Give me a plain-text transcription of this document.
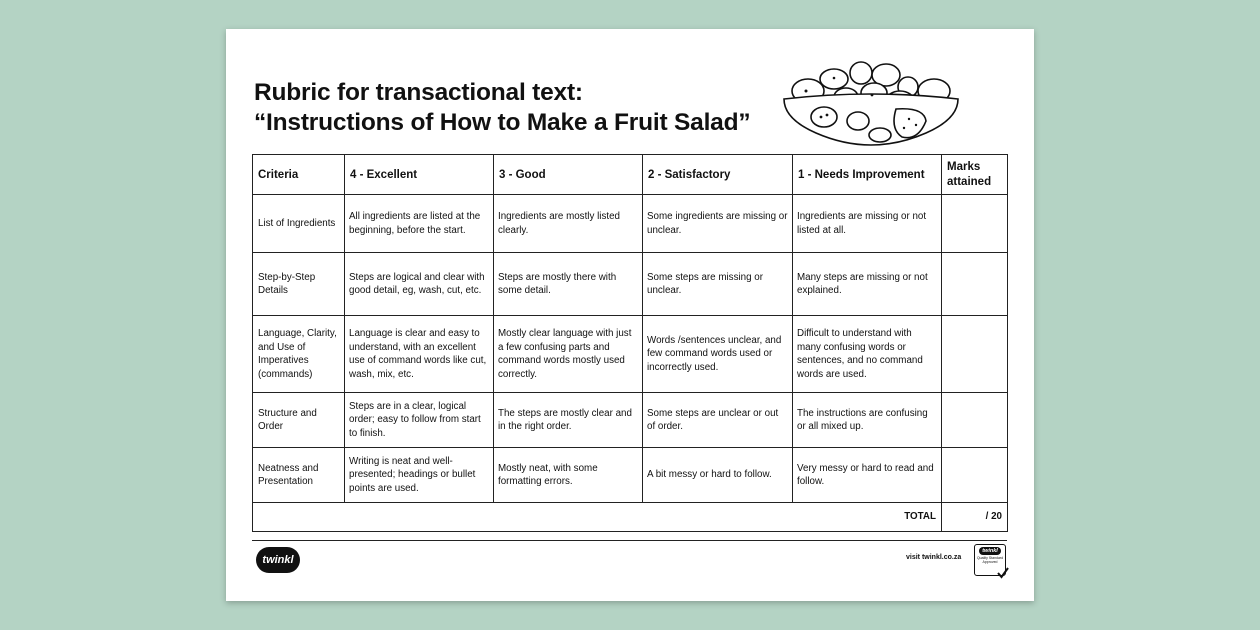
Rubric for transactional text:
“Instructions of How to Make a Fruit Salad”
Criteria	4 - Excellent	3 - Good	2 - Satisfactory	1 - Needs Improvement	Marks attained
List of Ingredients	All ingredients are listed at the beginning, before the start.	Ingredients are mostly listed clearly.	Some ingredients are missing or unclear.	Ingredients are missing or not listed at all.	
Step-by-Step Details	Steps are logical and clear with good detail, eg, wash, cut, etc.	Steps are mostly there with some detail.	Some steps are missing or unclear.	Many steps are missing or not explained.	
Language, Clarity, and Use of Imperatives (commands)	Language is clear and easy to understand, with an excellent use of command words like cut, wash, mix, etc.	Mostly clear language with just a few confusing parts and command words mostly used correctly.	Words /sentences unclear, and few command words used or incorrectly used.	Difficult to understand with many confusing words or sentences, and no command words are used.	
Structure and Order	Steps are in a clear, logical order; easy to follow from start to finish.	The steps are mostly clear and in the right order.	Some steps are unclear or out of order.	The instructions are confusing or all mixed up.	
Neatness and Presentation	Writing is neat and well-presented; headings or bullet points are used.	Mostly neat, with some formatting errors.	A bit messy or hard to follow.	Very messy or hard to read and follow.	
TOTAL					/ 20
twinkl	visit twinkl.co.za
twinkl
Quality Standard Approved
